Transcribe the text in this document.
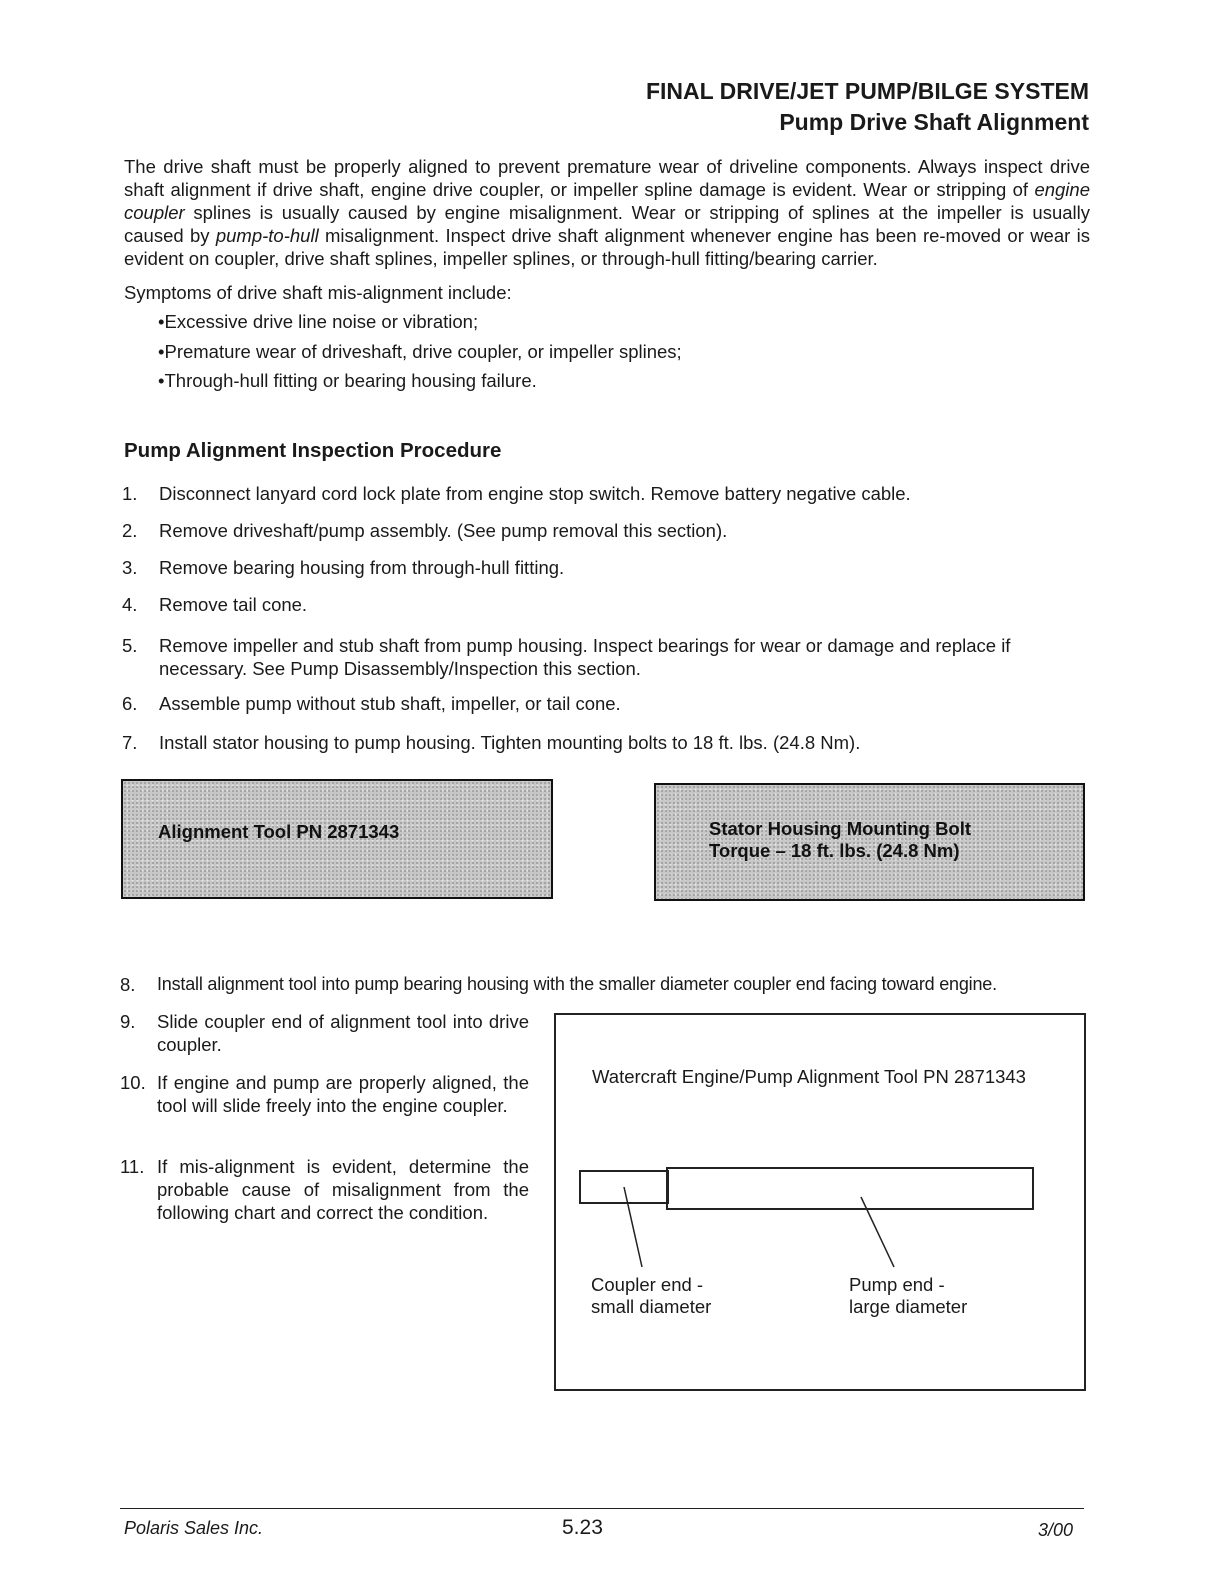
FINAL DRIVE/JET PUMP/BILGE SYSTEM
Pump Drive Shaft Alignment
The drive shaft must be properly aligned to prevent premature wear of driveline components. Always inspect drive shaft alignment if drive shaft, engine drive coupler, or impeller spline damage is evident. Wear or stripping of engine coupler splines is usually caused by engine misalignment. Wear or stripping of splines at the impeller is usually caused by pump-to-hull misalignment. Inspect drive shaft alignment whenever engine has been re-moved or wear is evident on coupler, drive shaft splines, impeller splines, or through-hull fitting/bearing carrier.
Symptoms of drive shaft mis-alignment include:
•Excessive drive line noise or vibration;
•Premature wear of driveshaft, drive coupler, or impeller splines;
•Through-hull fitting or bearing housing failure.
Pump Alignment Inspection Procedure
1. Disconnect lanyard cord lock plate from engine stop switch. Remove battery negative cable.
2. Remove driveshaft/pump assembly. (See pump removal this section).
3. Remove bearing housing from through-hull fitting.
4. Remove tail cone.
5. Remove impeller and stub shaft from pump housing. Inspect bearings for wear or damage and replace if
necessary. See Pump Disassembly/Inspection this section.
6. Assemble pump without stub shaft, impeller, or tail cone.
7. Install stator housing to pump housing. Tighten mounting bolts to 18 ft. lbs. (24.8 Nm).
Alignment Tool PN 2871343	Stator Housing Mounting Bolt
Torque – 18 ft. lbs. (24.8 Nm)
8. Install alignment tool into pump bearing housing with the smaller diameter coupler end facing toward engine.
9. Slide coupler end of alignment tool into drive coupler.
10. If engine and pump are properly aligned, the tool will slide freely into the engine coupler.
11. If mis-alignment is evident, determine the probable cause of misalignment from the following chart and correct the condition.
Watercraft Engine/Pump Alignment Tool PN 2871343
Coupler end -
small diameter
Pump end -
large diameter
Polaris Sales Inc.	5.23	3/00
